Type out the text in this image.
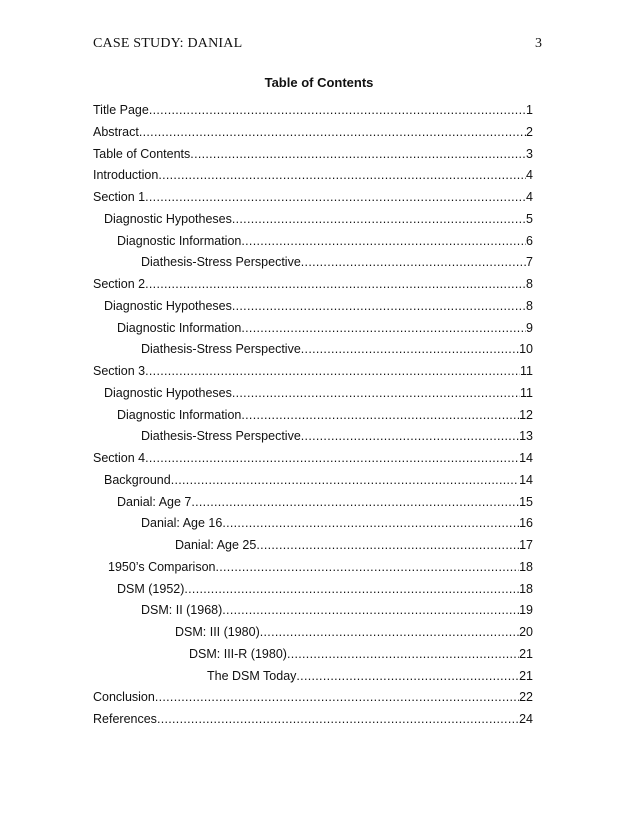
CASE STUDY: DANIAL	3
Table of Contents
Title Page .....	1
Abstract .....	2
Table of Contents .....	3
Introduction .....	4
Section 1 .....	4
Diagnostic Hypotheses .....	5
Diagnostic Information .....	6
Diathesis-Stress Perspective .....	7
Section 2 .....	8
Diagnostic Hypotheses .....	8
Diagnostic Information .....	9
Diathesis-Stress Perspective .....	10
Section 3 .....	11
Diagnostic Hypotheses .....	11
Diagnostic Information .....	12
Diathesis-Stress Perspective .....	13
Section 4 .....	14
Background .....	14
Danial: Age 7 .....	15
Danial: Age 16 .....	16
Danial: Age 25 .....	17
1950’s Comparison .....	18
DSM (1952) .....	18
DSM: II (1968) .....	19
DSM: III (1980) .....	20
DSM: III-R (1980) .....	21
The DSM Today .....	21
Conclusion .....	22
References .....	24
